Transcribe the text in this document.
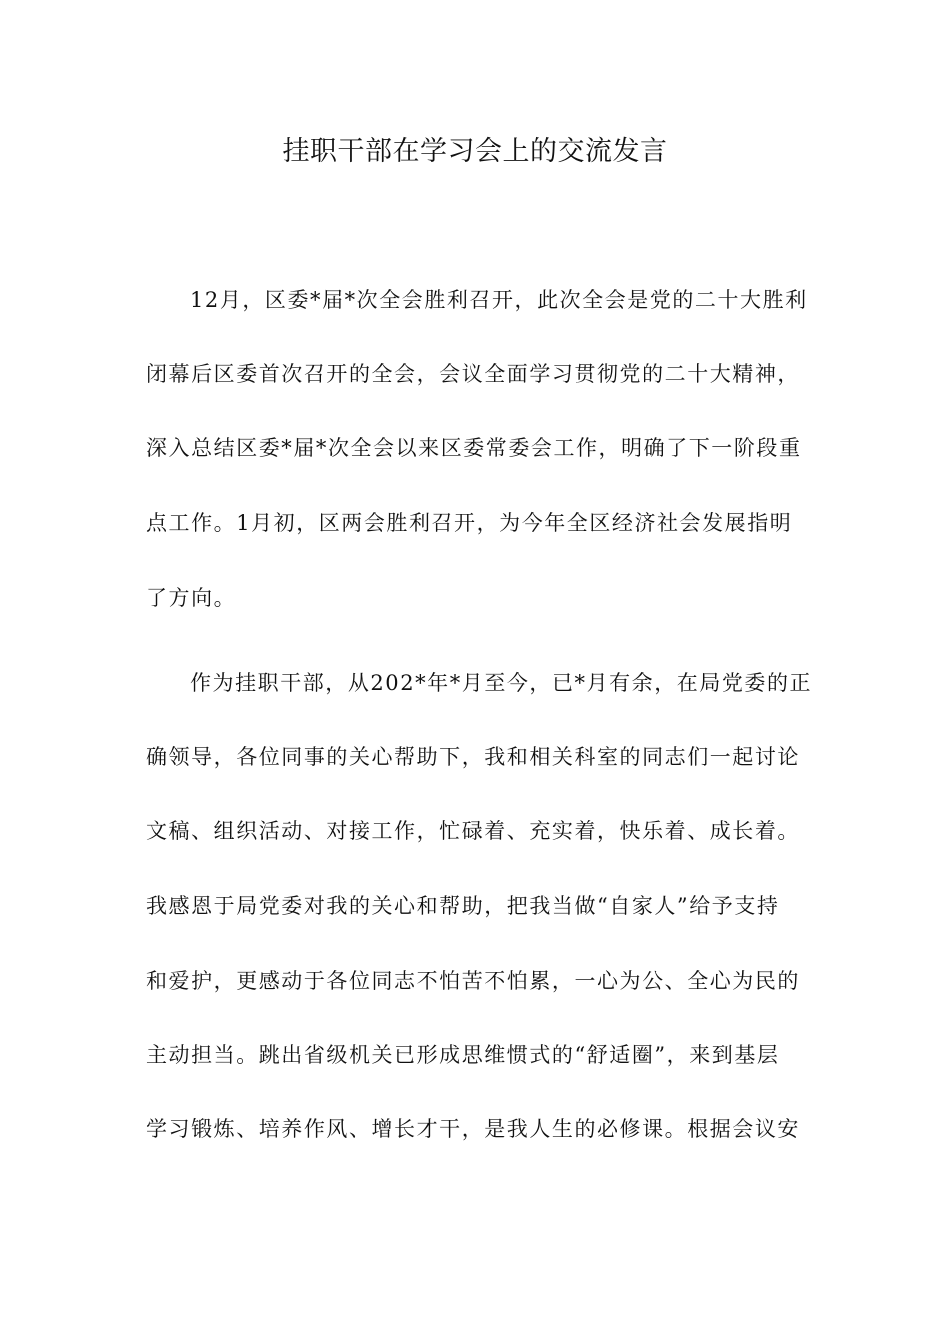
挂职干部在学习会上的交流发言
12月，区委*届*次全会胜利召开，此次全会是党的二十大胜利
闭幕后区委首次召开的全会，会议全面学习贯彻党的二十大精神，
深入总结区委*届*次全会以来区委常委会工作，明确了下一阶段重
点工作。1月初，区两会胜利召开，为今年全区经济社会发展指明
了方向。
作为挂职干部，从202*年*月至今，已*月有余，在局党委的正
确领导，各位同事的关心帮助下，我和相关科室的同志们一起讨论
文稿、组织活动、对接工作，忙碌着、充实着，快乐着、成长着。
我感恩于局党委对我的关心和帮助，把我当做“自家人”给予支持
和爱护，更感动于各位同志不怕苦不怕累，一心为公、全心为民的
主动担当。跳出省级机关已形成思维惯式的“舒适圈”，来到基层
学习锻炼、培养作风、增长才干，是我人生的必修课。根据会议安
